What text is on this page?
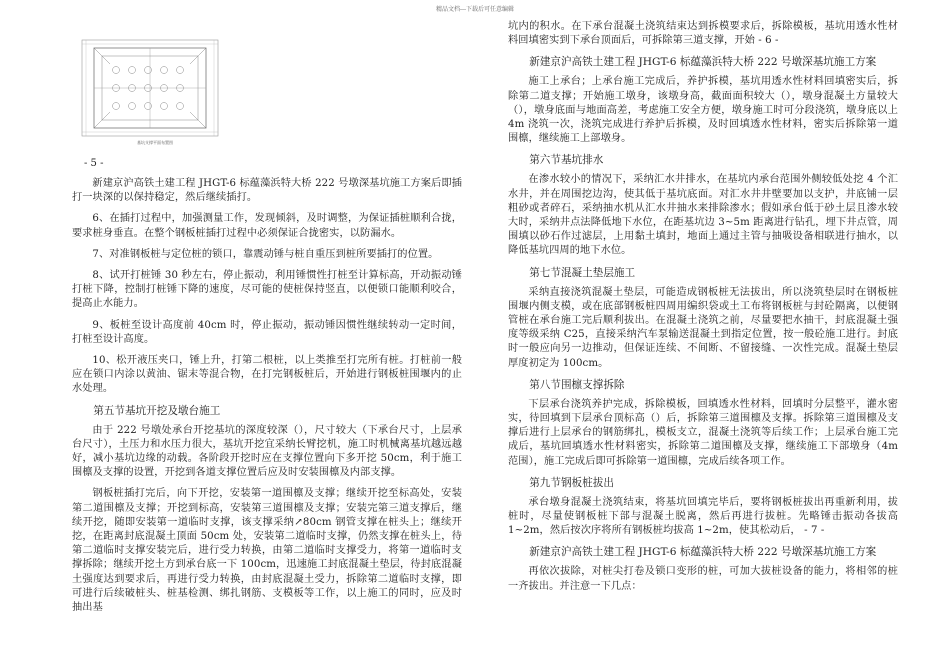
精品文档---下载后可任意编辑
基坑支撑平面布置图
- 5 -

新建京沪高铁土建工程 JHGT-6 标蕴藻浜特大桥 222 号墩深基坑施工方案后即插打一块深的以保持稳定，然后继续插打。

6、在插打过程中，加强测量工作，发现倾斜，及时调整，为保证插桩顺利合拢，要求桩身垂直。在整个钢板桩插打过程中必须保证合拢密实，以防漏水。

7、对准钢板桩与定位桩的锁口，靠震动锤与桩自重压到桩所要插打的位置。

8、试开打桩锤 30 秒左右，停止振动，利用锤惯性打桩至计算标高，开动振动锤打桩下降，控制打桩锤下降的速度，尽可能的使桩保持竖直，以便锁口能顺利咬合，提高止水能力。

9、板桩至设计高度前 40cm 时，停止振动，振动锤因惯性继续转动一定时间，打桩至设计高度。

10、松开液压夹口，锤上升，打第二根桩，以上类推至打完所有桩。打桩前一般应在锁口内涂以黄油、锯末等混合物，在打完钢板桩后，开始进行钢板桩围堰内的止水处理。

第五节基坑开挖及墩台施工

由于 222 号墩处承台开挖基坑的深度较深（），尺寸较大（下承台尺寸，上层承台尺寸），土压力和水压力很大，基坑开挖宜采纳长臂挖机，施工时机械离基坑越远越好，减小基坑边缘的动载。各阶段开挖时应在支撑位置向下多开挖 50cm，利于施工围檩及支撑的设置，开挖到各道支撑位置后应及时安装围檩及内部支撑。

钢板桩插打完后，向下开挖，安装第一道围檩及支撑；继续开挖至标高处，安装第二道围檩及支撑；开挖到标高，安装第三道围檩及支撑；安装完第三道支撑后，继续开挖，随即安装第一道临时支撑，该支撑采纳↗80cm 钢管支撑在桩头上；继续开挖，在距离封底混凝土顶面 50cm 处，安装第二道临时支撑，仍然支撑在桩头上，待第二道临时支撑安装完后，进行受力转换，由第二道临时支撑受力，将第一道临时支撑拆除；继续开挖土方到承台底一下 100cm，迅速施工封底混凝土垫层，待封底混凝土强度达到要求后，再进行受力转换，由封底混凝土受力，拆除第二道临时支撑，即可进行后续破桩头、桩基检测、绑扎钢筋、支模板等工作，以上施工的同时，应及时抽出基

坑内的积水。在下承台混凝土浇筑结束达到拆模要求后，拆除模板，基坑用透水性材料回填密实到下承台顶面后，可拆除第三道支撑，开始 - 6 -

新建京沪高铁土建工程 JHGT-6 标蕴藻浜特大桥 222 号墩深基坑施工方案

施工上承台；上承台施工完成后，养护拆模，基坑用透水性材料回填密实后，拆除第二道支撑；开始施工墩身，该墩身高，截面面积较大（），墩身混凝土方量较大（），墩身底面与地面高差，考虑施工安全方便，墩身施工时可分段浇筑，墩身底以上 4m 浇筑一次，浇筑完成进行养护后拆模，及时回填透水性材料，密实后拆除第一道围檩，继续施工上部墩身。

第六节基坑排水

在渗水较小的情况下，采纳汇水井排水，在基坑内承台范围外侧较低处挖 4 个汇水井，并在周围挖边沟，使其低于基坑底面。对汇水井井壁要加以支护，井底铺一层粗砂或者碎石，采纳抽水机从汇水井抽水来排除渗水；假如承台低于砂土层且渗水较大时，采纳井点法降低地下水位，在距基坑边 3~5m 距离进行钻孔，埋下井点管，周围填以砂石作过滤层，上用黏土填封，地面上通过主管与抽吸设备相联进行抽水，以降低基坑四周的地下水位。

第七节混凝土垫层施工

采纳直接浇筑混凝土垫层，可能造成钢板桩无法拔出，所以浇筑垫层时在钢板桩围堰内侧支模，或在底部钢板桩四周用编织袋或土工布将钢板桩与封砼隔离，以便钢管桩在承台施工完后顺利拔出。在混凝土浇筑之前，尽量要把水抽干，封底混凝土强度等级采纳 C25，直接采纳汽车泵输送混凝土到指定位置，按一般砼施工进行。封底时一般应向另一边推动，但保证连续、不间断、不留接缝、一次性完成。混凝土垫层厚度初定为 100cm。

第八节围檩支撑拆除

下层承台浇筑养护完成，拆除模板，回填透水性材料，回填时分层整平，灌水密实，待回填到下层承台顶标高（）后，拆除第三道围檩及支撑。拆除第三道围檩及支撑后进行上层承台的钢筋绑扎，模板支立，混凝土浇筑等后续工作；上层承台施工完成后，基坑回填透水性材料密实，拆除第二道围檩及支撑，继续施工下部墩身（4m 范围），施工完成后即可拆除第一道围檩，完成后续各项工作。

第九节钢板桩拔出

承台墩身混凝土浇筑结束，将基坑回填完毕后，要将钢板桩拔出再重新利用，拔桩时，尽量使钢板桩下部与混凝土脱离，然后再进行拔桩。先略锤击振动各拔高 1~2m，然后按次序将所有钢板桩均拔高 1~2m，使其松动后， - 7 -

新建京沪高铁土建工程 JHGT-6 标蕴藻浜特大桥 222 号墩深基坑施工方案

再依次拔除，对桩尖打卷及锁口变形的桩，可加大拔桩设备的能力，将相邻的桩一齐拔出。并注意一下几点：
